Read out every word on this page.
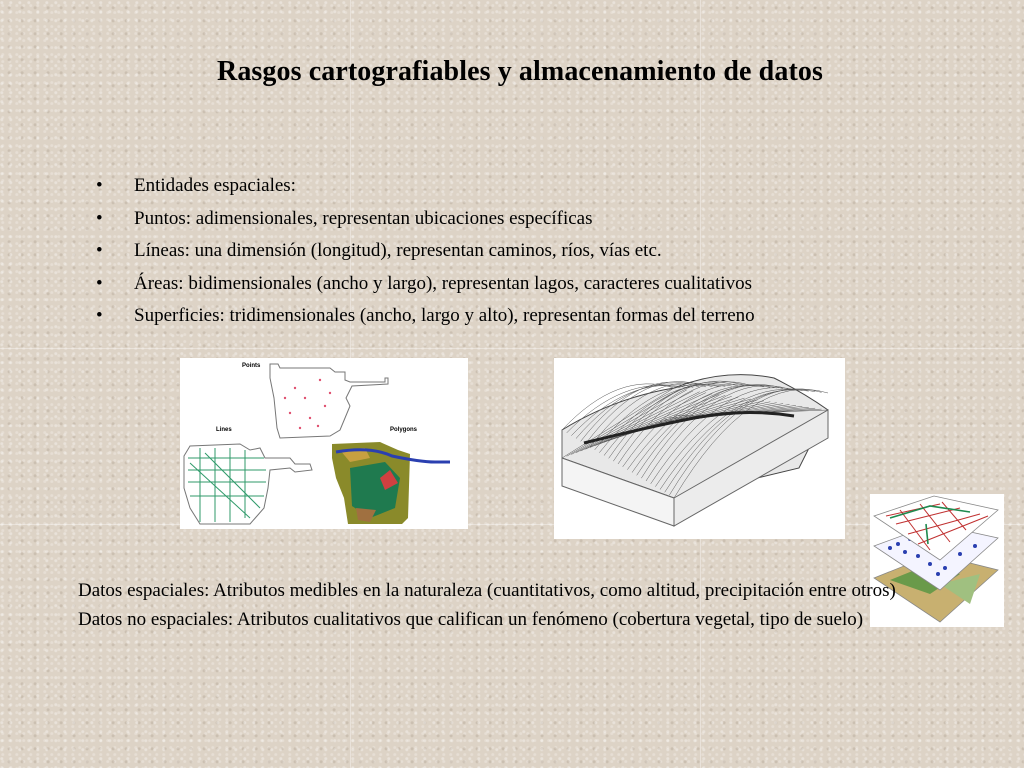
Rasgos cartografiables y almacenamiento de datos
• Entidades espaciales:
• Puntos: adimensionales, representan ubicaciones específicas
• Líneas: una dimensión (longitud), representan caminos, ríos, vías etc.
• Áreas: bidimensionales (ancho y largo), representan lagos, caracteres cualitativos
• Superficies: tridimensionales (ancho, largo y alto), representan formas del terreno
Points
Lines	Polygons

Datos espaciales: Atributos medibles en la naturaleza (cuantitativos, como altitud, precipitación entre otros)

Datos no espaciales: Atributos cualitativos que califican un fenómeno (cobertura vegetal, tipo de suelo)
